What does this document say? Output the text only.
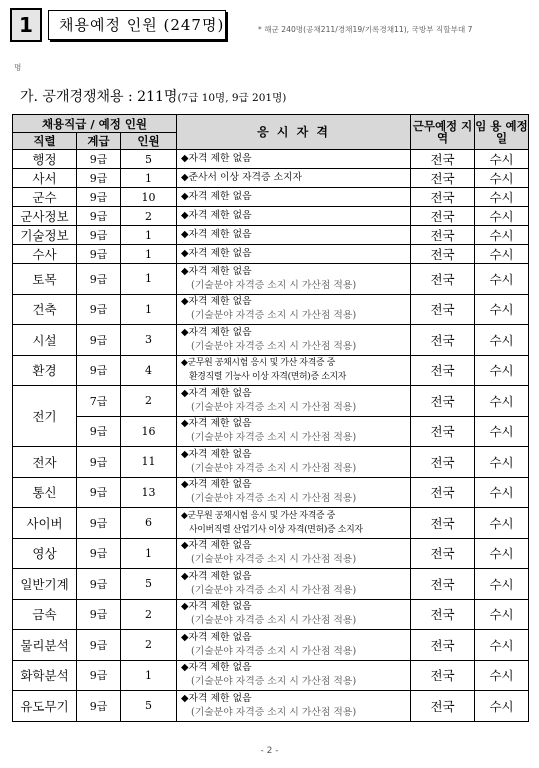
1	채용예정 인원 (247명)	* 해군 240명(공채211/경채19/기록경채11), 국방부 직할부대 7
명
가. 공개경쟁채용 : 211명(7급 10명, 9급 201명)
채용직급 / 예정 인원			응 시 자 격	근무예정 지 역	임 용 예정일
직렬	계급	인원			
행정	9급	5	◆자격 제한 없음	전국	수시
사서	9급	1	◆준사서 이상 자격증 소지자	전국	수시
군수	9급	10	◆자격 제한 없음	전국	수시
군사정보	9급	2	◆자격 제한 없음	전국	수시
기술정보	9급	1	◆자격 제한 없음	전국	수시
수사	9급	1	◆자격 제한 없음	전국	수시
토목	9급	1	◆자격 제한 없음
(기술분야 자격증 소지 시 가산점 적용)	전국	수시
건축	9급	1	◆자격 제한 없음
(기술분야 자격증 소지 시 가산점 적용)	전국	수시
시설	9급	3	◆자격 제한 없음
(기술분야 자격증 소지 시 가산점 적용)	전국	수시
환경	9급	4	◆군무원 공채시험 응시 및 가산 자격증 중
환경직렬 기능사 이상 자격(면허)증 소지자	전국	수시
전기	7급	2	◆자격 제한 없음
(기술분야 자격증 소지 시 가산점 적용)	전국	수시
	9급	16	◆자격 제한 없음
(기술분야 자격증 소지 시 가산점 적용)	전국	수시
전자	9급	11	◆자격 제한 없음
(기술분야 자격증 소지 시 가산점 적용)	전국	수시
통신	9급	13	◆자격 제한 없음
(기술분야 자격증 소지 시 가산점 적용)	전국	수시
사이버	9급	6	◆군무원 공채시험 응시 및 가산 자격증 중
사이버직렬 산업기사 이상 자격(면허)증 소지자	전국	수시
영상	9급	1	◆자격 제한 없음
(기술분야 자격증 소지 시 가산점 적용)	전국	수시
일반기계	9급	5	◆자격 제한 없음
(기술분야 자격증 소지 시 가산점 적용)	전국	수시
금속	9급	2	◆자격 제한 없음
(기술분야 자격증 소지 시 가산점 적용)	전국	수시
물리분석	9급	2	◆자격 제한 없음
(기술분야 자격증 소지 시 가산점 적용)	전국	수시
화학분석	9급	1	◆자격 제한 없음
(기술분야 자격증 소지 시 가산점 적용)	전국	수시
유도무기	9급	5	◆자격 제한 없음
(기술분야 자격증 소지 시 가산점 적용)	전국	수시
- 2 -
